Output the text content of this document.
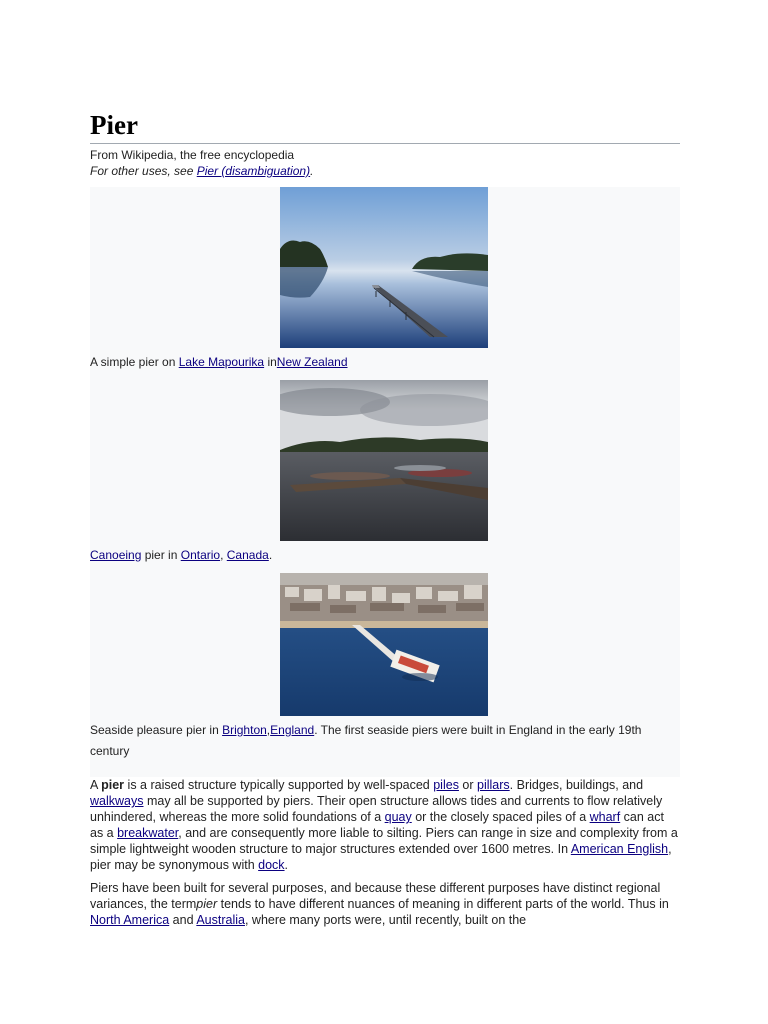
Pier
From Wikipedia, the free encyclopedia
For other uses, see Pier (disambiguation).
A simple pier on Lake Mapourika inNew Zealand
Canoeing pier in Ontario, Canada.
Seaside pleasure pier in Brighton,England. The first seaside piers were built in England in the early 19th century

A pier is a raised structure typically supported by well-spaced piles or pillars. Bridges, buildings, and walkways may all be supported by piers. Their open structure allows tides and currents to flow relatively unhindered, whereas the more solid foundations of a quay or the closely spaced piles of a wharf can act as a breakwater, and are consequently more liable to silting. Piers can range in size and complexity from a simple lightweight wooden structure to major structures extended over 1600 metres. In American English, pier may be synonymous with dock.

Piers have been built for several purposes, and because these different purposes have distinct regional variances, the termpier tends to have different nuances of meaning in different parts of the world. Thus in North America and Australia, where many ports were, until recently, built on the
